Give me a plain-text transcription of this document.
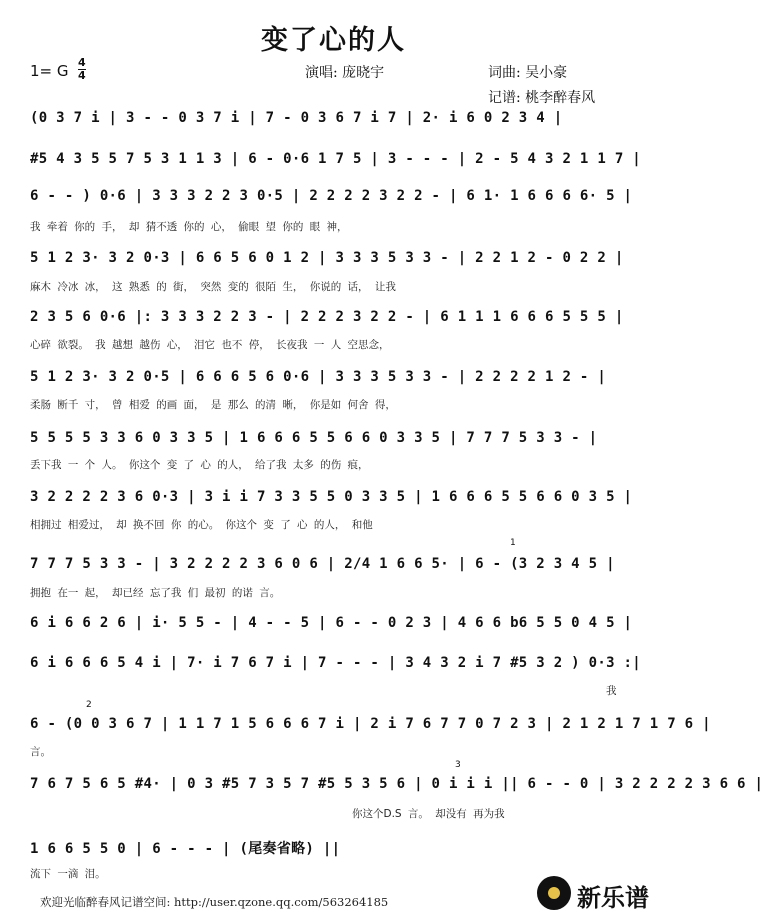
变了心的人
1= G $\frac{4}{4}$	演唱: 庞晓宇	词曲: 吴小豪
记谱: 桃李醉春风
(0 3 7 i | 3 - - 0 3 7 i | 7 - 0 3 6 7 i 7 | 2· i 6 0 2 3 4 |
#5 4 3 5 5 7 5 3 1 1 3 | 6 - 0·6 1 7 5 | 3 - - - | 2 - 5 4 3 2 1 1 7 |
6 - - ) 0·6 | 3 3 3 2 2 3 0·5 | 2 2 2 2 3 2 2 - | 6 1· 1 6 6 6 6· 5 |
我 牵着 你的 手， 却 猜不透 你的 心， 偷眼 望 你的 眼 神，
5 1 2 3· 3 2 0·3 | 6 6 5 6 0 1 2 | 3 3 3 5 3 3 - | 2 2 1 2 - 0 2 2 |
麻木 冷冰 冰， 这 熟悉 的 街， 突然 变的 很陌 生， 你说的 话， 让我
2 3 5 6 0·6 |: 3 3 3 2 2 3 - | 2 2 2 3 2 2 - | 6 1 1 1 6 6 6 5 5 5 |
心碎 欲裂。 我 越想 越伤 心， 泪它 也不 停， 长夜我 一 人 空思念，
5 1 2 3· 3 2 0·5 | 6 6 6 5 6 0·6 | 3 3 3 5 3 3 - | 2 2 2 2 1 2 - |
柔肠 断千 寸， 曾 相爱 的画 面， 是 那么 的清 晰， 你是如 何舍 得，
5 5 5 5 3 3 6 0 3 3 5 | 1 6 6 6 5 5 6 6 0 3 3 5 | 7 7 7 5 3 3 - |
丢下我 一 个 人。 你这个 变 了 心 的人， 给了我 太多 的伤 痕，
3 2 2 2 2 3 6 0·3 | 3 i i 7 3 3 5 5 0 3 3 5 | 1 6 6 6 5 5 6 6 0 3 5 |
相拥过 相爱过， 却 换不回 你 的心。 你这个 变 了 心 的人， 和他
1
7 7 7 5 3 3 - | 3 2 2 2 2 3 6 0 6 | 2/4 1 6 6 5· | 6 - (3 2 3 4 5 |
拥抱 在一 起， 却已经 忘了我 们 最初 的诺 言。
6 i 6 6 2 6 | i· 5 5 - | 4 - - 5 | 6 - - 0 2 3 | 4 6 6 b6 5 5 0 4 5 |
6 i 6 6 6 5 4 i | 7· i 7 6 7 i | 7 - - - | 3 4 3 2 i 7 #5 3 2 ) 0·3 :|
我
2
6 - (0 0 3 6 7 | 1 1 7 1 5 6 6 6 7 i | 2 i 7 6 7 7 0 7 2 3 | 2 1 2 1 7 1 7 6 |
言。
3
7 6 7 5 6 5 #4· | 0 3 #5 7 3 5 7 #5 5 3 5 6 | 0 i i i || 6 - - 0 | 3 2 2 2 2 3 6 6 |
你这个D.S 言。 却没有 再为我
1 6 6 5 5 0 | 6 - - - | (尾奏省略) ||
流下 一滴 泪。
欢迎光临醉春风记谱空间: http://user.qzone.qq.com/563264185	新乐谱
